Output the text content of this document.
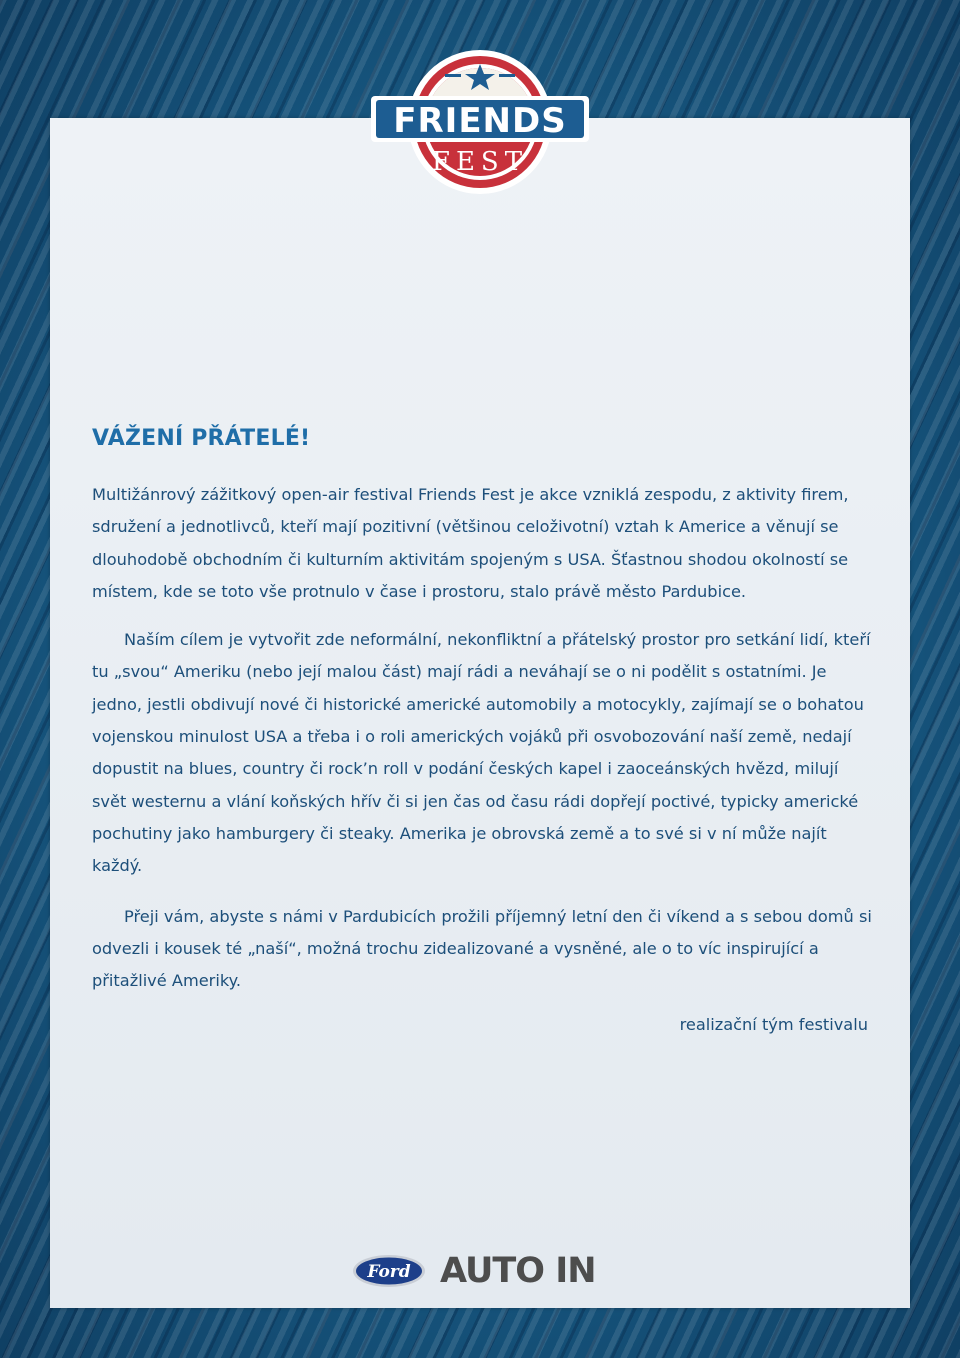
FRIENDS
FEST
VÁŽENÍ PŘÁTELÉ!

Multižánrový zážitkový open-air festival Friends Fest je akce vzniklá zespodu, z aktivity firem, sdružení a jednotlivců, kteří mají pozitivní (většinou celoživotní) vztah k Americe a věnují se dlouhodobě obchodním či kulturním aktivitám spojeným s USA. Šťastnou shodou okolností se místem, kde se toto vše protnulo v čase i prostoru, stalo právě město Pardubice.

Naším cílem je vytvořit zde neformální, nekonfliktní a přátelský prostor pro setkání lidí, kteří tu „svou“ Ameriku (nebo její malou část) mají rádi a neváhají se o ni podělit s ostatními. Je jedno, jestli obdivují nové či historické americké automobily a motocykly, zajímají se o bohatou vojenskou minulost USA a třeba i o roli amerických vojáků při osvobozování naší země, nedají dopustit na blues, country či rock’n roll v podání českých kapel i zaoceánských hvězd, milují svět westernu a vlání koňských hřív či si jen čas od času rádi dopřejí poctivé, typicky americké pochutiny jako hamburgery či steaky. Amerika je obrovská země a to své si v ní může najít každý.

Přeji vám, abyste s námi v Pardubicích prožili příjemný letní den či víkend a s sebou domů si odvezli i kousek té „naší“, možná trochu zidealizované a vysněné, ale o to víc inspirující a přitažlivé Ameriky.

realizační tým festivalu
Ford AUTO IN
